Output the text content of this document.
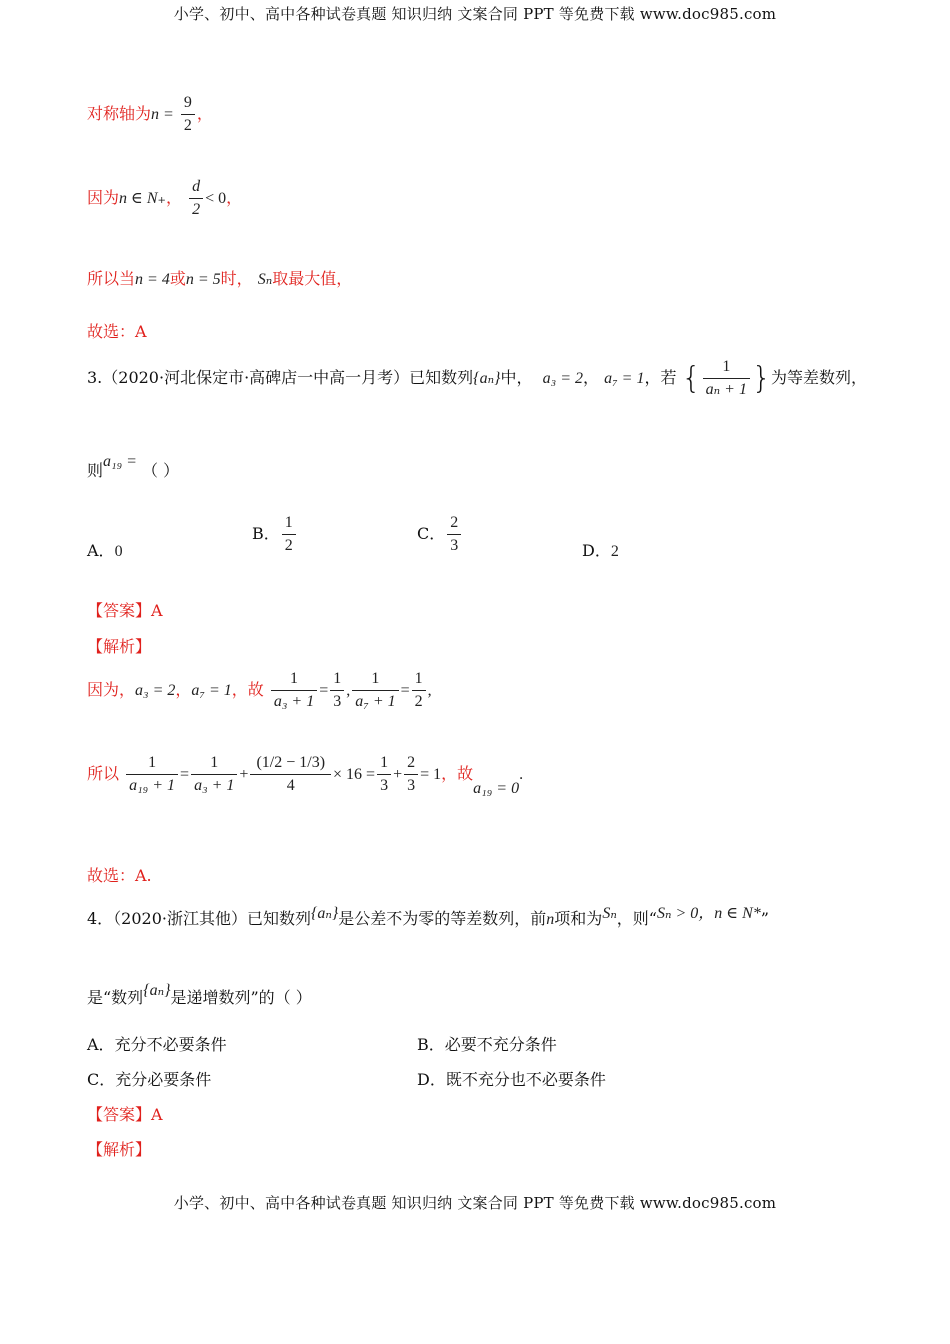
小学、初中、高中各种试卷真题 知识归纳 文案合同 PPT 等免费下载 www.doc985.com
对称轴为$n = \frac{9}{2}$ ，
因为n ∈ N₊， $\frac{d}{2} < 0$，
所以当n = 4或n = 5时， Sₙ取最大值，
故选：A
3.（2020·河北保定市·高碑店一中高一月考）已知数列{aₙ}中， a₃ = 2， a₇ = 1，若 { $\frac{1}{\text{aₙ + 1}}$ }为等差数列，
则a₁₉ = （ ）
A．0
B． $\frac{1}{2}$	C． $\frac{2}{3}$	D．2
【答案】A
【解析】
因为，a₃ = 2，a₇ = 1，故 $\frac{1}{\text{a₃ + 1}} = \frac{1}{3}$ , $\frac{1}{\text{a₇ + 1}} = \frac{1}{2}$ ,
所以 $\frac{1}{\text{a₁₉ + 1}} = \frac{1}{\text{a₃ + 1}} + \frac{(1/2 - 1/3)}{4} \times 16 = \frac{1}{3} + \frac{2}{3} = 1$，故a₁₉ = 0.
故选：A.
4．（2020·浙江其他）已知数列{aₙ}是公差不为零的等差数列，前n项和为Sₙ，则“Sₙ > 0，n ∈ N*”
是“数列{aₙ}是递增数列”的（ ）
A．充分不必要条件	B．必要不充分条件
C．充分必要条件	D．既不充分也不必要条件
【答案】A
【解析】
小学、初中、高中各种试卷真题 知识归纳 文案合同 PPT 等免费下载 www.doc985.com
